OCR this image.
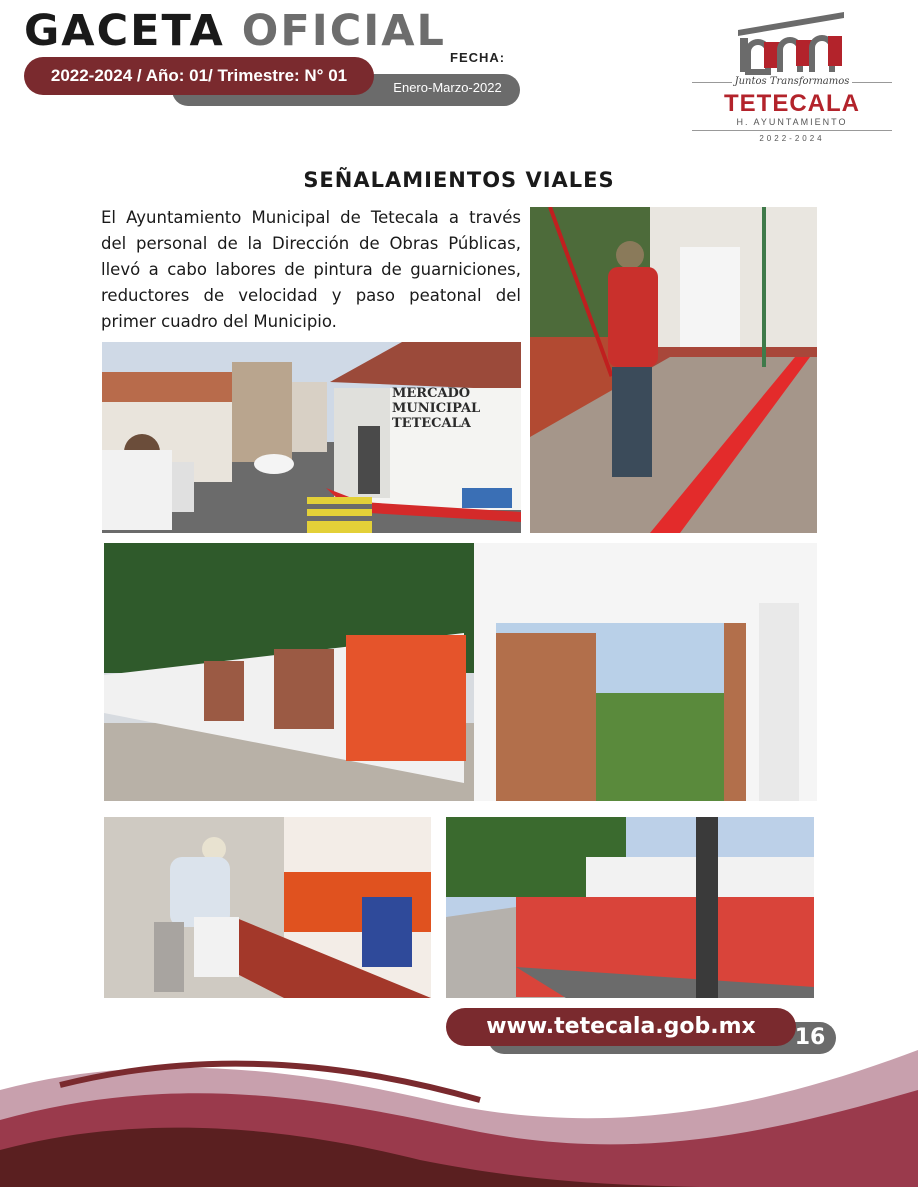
GACETA OFICIAL
2022-2024 / Año: 01/ Trimestre: N° 01
FECHA:
Enero-Marzo-2022	Juntos Transformamos
TETECALA
H. AYUNTAMIENTO
2022-2024
SEÑALAMIENTOS VIALES
El Ayuntamiento Municipal de Tetecala a través del personal de la Dirección de Obras Públicas, llevó a cabo labores de pintura de guarniciones, reductores de velocidad y paso peatonal del primer cuadro del Municipio.
MERCADO MUNICIPAL TETECALA
www.tetecala.gob.mx	16
